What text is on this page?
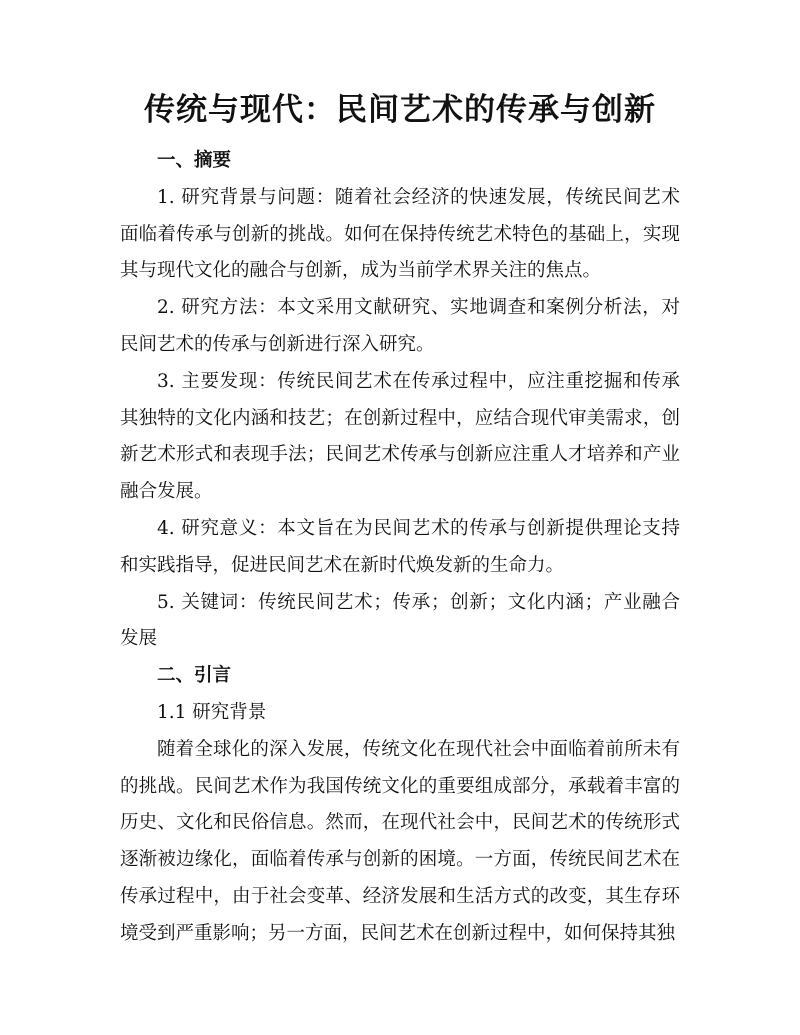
传统与现代：民间艺术的传承与创新

一、摘要

1. 研究背景与问题：随着社会经济的快速发展，传统民间艺术面临着传承与创新的挑战。如何在保持传统艺术特色的基础上，实现其与现代文化的融合与创新，成为当前学术界关注的焦点。

2. 研究方法：本文采用文献研究、实地调查和案例分析法，对民间艺术的传承与创新进行深入研究。

3. 主要发现：传统民间艺术在传承过程中，应注重挖掘和传承其独特的文化内涵和技艺；在创新过程中，应结合现代审美需求，创新艺术形式和表现手法；民间艺术传承与创新应注重人才培养和产业融合发展。

4. 研究意义：本文旨在为民间艺术的传承与创新提供理论支持和实践指导，促进民间艺术在新时代焕发新的生命力。

5. 关键词：传统民间艺术；传承；创新；文化内涵；产业融合发展

二、引言

1.1 研究背景

随着全球化的深入发展，传统文化在现代社会中面临着前所未有的挑战。民间艺术作为我国传统文化的重要组成部分，承载着丰富的历史、文化和民俗信息。然而，在现代社会中，民间艺术的传统形式逐渐被边缘化，面临着传承与创新的困境。一方面，传统民间艺术在传承过程中，由于社会变革、经济发展和生活方式的改变，其生存环境受到严重影响；另一方面，民间艺术在创新过程中，如何保持其独
